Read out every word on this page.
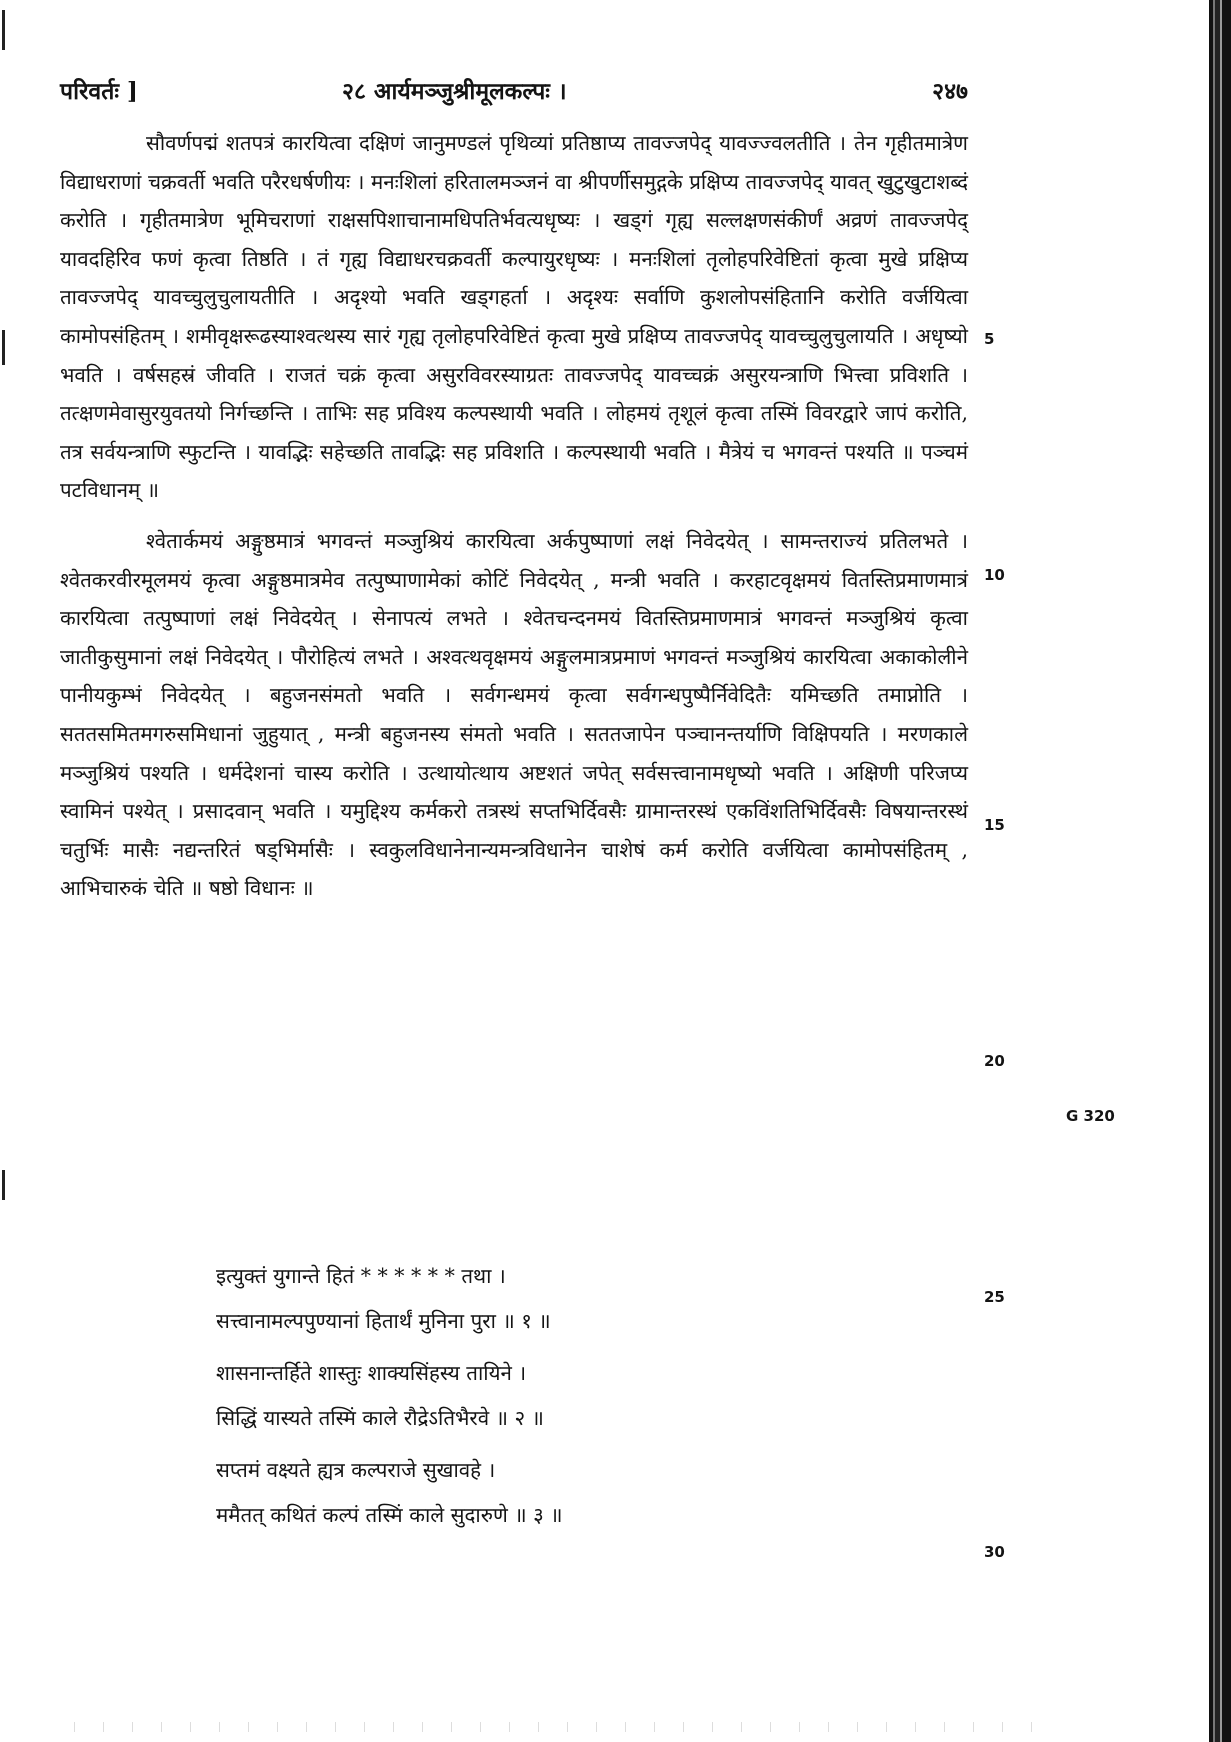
परिवर्तः ]	२८ आर्यमञ्जुश्रीमूलकल्पः ।	२४७

सौवर्णपद्मं शतपत्रं कारयित्वा दक्षिणं जानुमण्डलं पृथिव्यां प्रतिष्ठाप्य तावज्जपेद् यावज्ज्वलतीति । तेन गृहीतमात्रेण विद्याधराणां चक्रवर्ती भवति परैरधर्षणीयः । मनःशिलां हरितालमञ्जनं वा श्रीपर्णीसमुद्गके प्रक्षिप्य तावज्जपेद् यावत् खुटुखुटाशब्दं करोति । गृहीतमात्रेण भूमिचराणां राक्षसपिशाचानामधिपतिर्भवत्यधृष्यः । खड्गं गृह्य सल्लक्षणसंकीर्णं अव्रणं तावज्जपेद् यावदहिरिव फणं कृत्वा तिष्ठति । तं गृह्य विद्याधरचक्रवर्ती कल्पायुरधृष्यः । मनःशिलां तृलोहपरिवेष्टितां कृत्वा मुखे प्रक्षिप्य तावज्जपेद् यावच्चुलुचुलायतीति । अदृश्यो भवति खड्गहर्ता । अदृश्यः सर्वाणि कुशलोपसंहितानि करोति वर्जयित्वा कामोपसंहितम् । शमीवृक्षरूढस्याश्वत्थस्य सारं गृह्य तृलोहपरिवेष्टितं कृत्वा मुखे प्रक्षिप्य तावज्जपेद् यावच्चुलुचुलायति । अधृष्यो भवति । वर्षसहस्रं जीवति । राजतं चक्रं कृत्वा असुरविवरस्याग्रतः तावज्जपेद् यावच्चक्रं असुरयन्त्राणि भित्त्वा प्रविशति । तत्क्षणमेवासुरयुवतयो निर्गच्छन्ति । ताभिः सह प्रविश्य कल्पस्थायी भवति । लोहमयं तृशूलं कृत्वा तस्मिं विवरद्वारे जापं करोति, तत्र सर्वयन्त्राणि स्फुटन्ति । यावद्भिः सहेच्छति तावद्भिः सह प्रविशति । कल्पस्थायी भवति । मैत्रेयं च भगवन्तं पश्यति ॥ पञ्चमं पटविधानम् ॥

श्वेतार्कमयं अङ्गुष्ठमात्रं भगवन्तं मञ्जुश्रियं कारयित्वा अर्कपुष्पाणां लक्षं निवेदयेत् । सामन्तराज्यं प्रतिलभते । श्वेतकरवीरमूलमयं कृत्वा अङ्गुष्ठमात्रमेव तत्पुष्पाणामेकां कोटिं निवेदयेत् , मन्त्री भवति । करहाटवृक्षमयं वितस्तिप्रमाणमात्रं कारयित्वा तत्पुष्पाणां लक्षं निवेदयेत् । सेनापत्यं लभते । श्वेतचन्दनमयं वितस्तिप्रमाणमात्रं भगवन्तं मञ्जुश्रियं कृत्वा जातीकुसुमानां लक्षं निवेदयेत् । पौरोहित्यं लभते । अश्वत्थवृक्षमयं अङ्गुलमात्रप्रमाणं भगवन्तं मञ्जुश्रियं कारयित्वा अकाकोलीने पानीयकुम्भं निवेदयेत् । बहुजनसंमतो भवति । सर्वगन्धमयं कृत्वा सर्वगन्धपुष्पैर्निवेदितैः यमिच्छति तमाप्नोति । सततसमितमगरुसमिधानां जुहुयात् , मन्त्री बहुजनस्य संमतो भवति । सततजापेन पञ्चानन्तर्याणि विक्षिपयति । मरणकाले मञ्जुश्रियं पश्यति । धर्मदेशनां चास्य करोति । उत्थायोत्थाय अष्टशतं जपेत् सर्वसत्त्वानामधृष्यो भवति । अक्षिणी परिजप्य स्वामिनं पश्येत् । प्रसादवान् भवति । यमुद्दिश्य कर्मकरो तत्रस्थं सप्तभिर्दिवसैः ग्रामान्तरस्थं एकविंशतिभिर्दिवसैः विषयान्तरस्थं चतुर्भिः मासैः नद्यन्तरितं षड्भिर्मासैः । स्वकुलविधानेनान्यमन्त्रविधानेन चाशेषं कर्म करोति वर्जयित्वा कामोपसंहितम् , आभिचारुकं चेति ॥ षष्ठो विधानः ॥

इत्युक्तं युगान्ते हितं * * * * * * तथा ।
सत्त्वानामल्पपुण्यानां हितार्थं मुनिना पुरा ॥ १ ॥
शासनान्तर्हिते शास्तुः शाक्यसिंहस्य तायिने ।
सिद्धिं यास्यते तस्मिं काले रौद्रेऽतिभैरवे ॥ २ ॥
सप्तमं वक्ष्यते ह्यत्र कल्पराजे सुखावहे ।
ममैतत् कथितं कल्पं तस्मिं काले सुदारुणे ॥ ३ ॥
5
10
15
20
25
30
G 320
